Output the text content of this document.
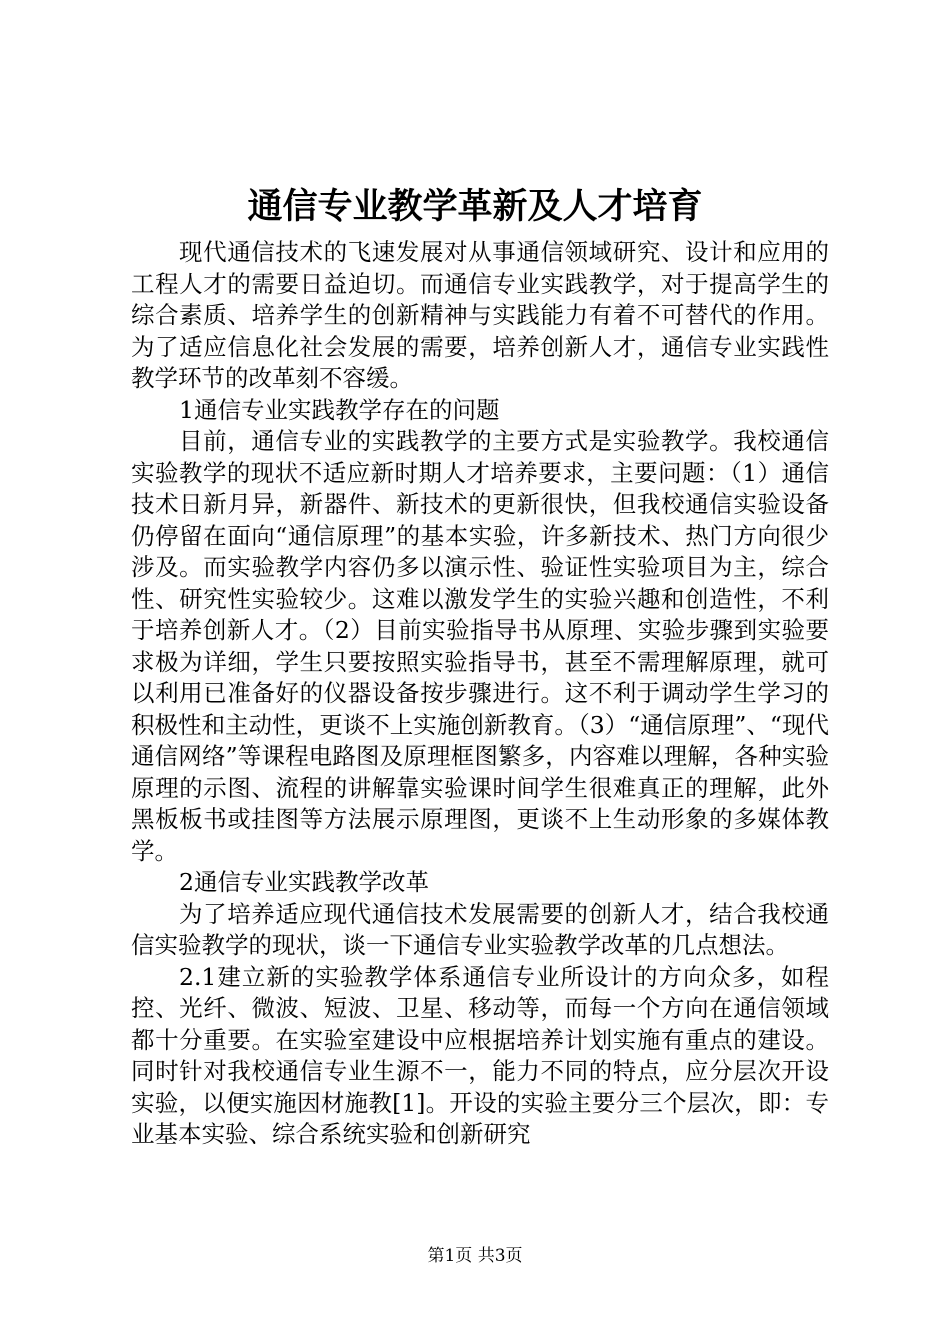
通信专业教学革新及人才培育

现代通信技术的飞速发展对从事通信领域研究、设计和应用的工程人才的需要日益迫切。而通信专业实践教学，对于提高学生的综合素质、培养学生的创新精神与实践能力有着不可替代的作用。为了适应信息化社会发展的需要，培养创新人才，通信专业实践性教学环节的改革刻不容缓。

1通信专业实践教学存在的问题

目前，通信专业的实践教学的主要方式是实验教学。我校通信实验教学的现状不适应新时期人才培养要求，主要问题：（1）通信技术日新月异，新器件、新技术的更新很快，但我校通信实验设备仍停留在面向“通信原理”的基本实验，许多新技术、热门方向很少涉及。而实验教学内容仍多以演示性、验证性实验项目为主，综合性、研究性实验较少。这难以激发学生的实验兴趣和创造性，不利于培养创新人才。（2）目前实验指导书从原理、实验步骤到实验要求极为详细，学生只要按照实验指导书，甚至不需理解原理，就可以利用已准备好的仪器设备按步骤进行。这不利于调动学生学习的积极性和主动性，更谈不上实施创新教育。（3）“通信原理”、“现代通信网络”等课程电路图及原理框图繁多，内容难以理解，各种实验原理的示图、流程的讲解靠实验课时间学生很难真正的理解，此外黑板板书或挂图等方法展示原理图，更谈不上生动形象的多媒体教学。

2通信专业实践教学改革

为了培养适应现代通信技术发展需要的创新人才，结合我校通信实验教学的现状，谈一下通信专业实验教学改革的几点想法。

2.1建立新的实验教学体系通信专业所设计的方向众多，如程控、光纤、微波、短波、卫星、移动等，而每一个方向在通信领域都十分重要。在实验室建设中应根据培养计划实施有重点的建设。同时针对我校通信专业生源不一，能力不同的特点，应分层次开设实验，以便实施因材施教[1]。开设的实验主要分三个层次，即：专业基本实验、综合系统实验和创新研究

第1页 共3页
